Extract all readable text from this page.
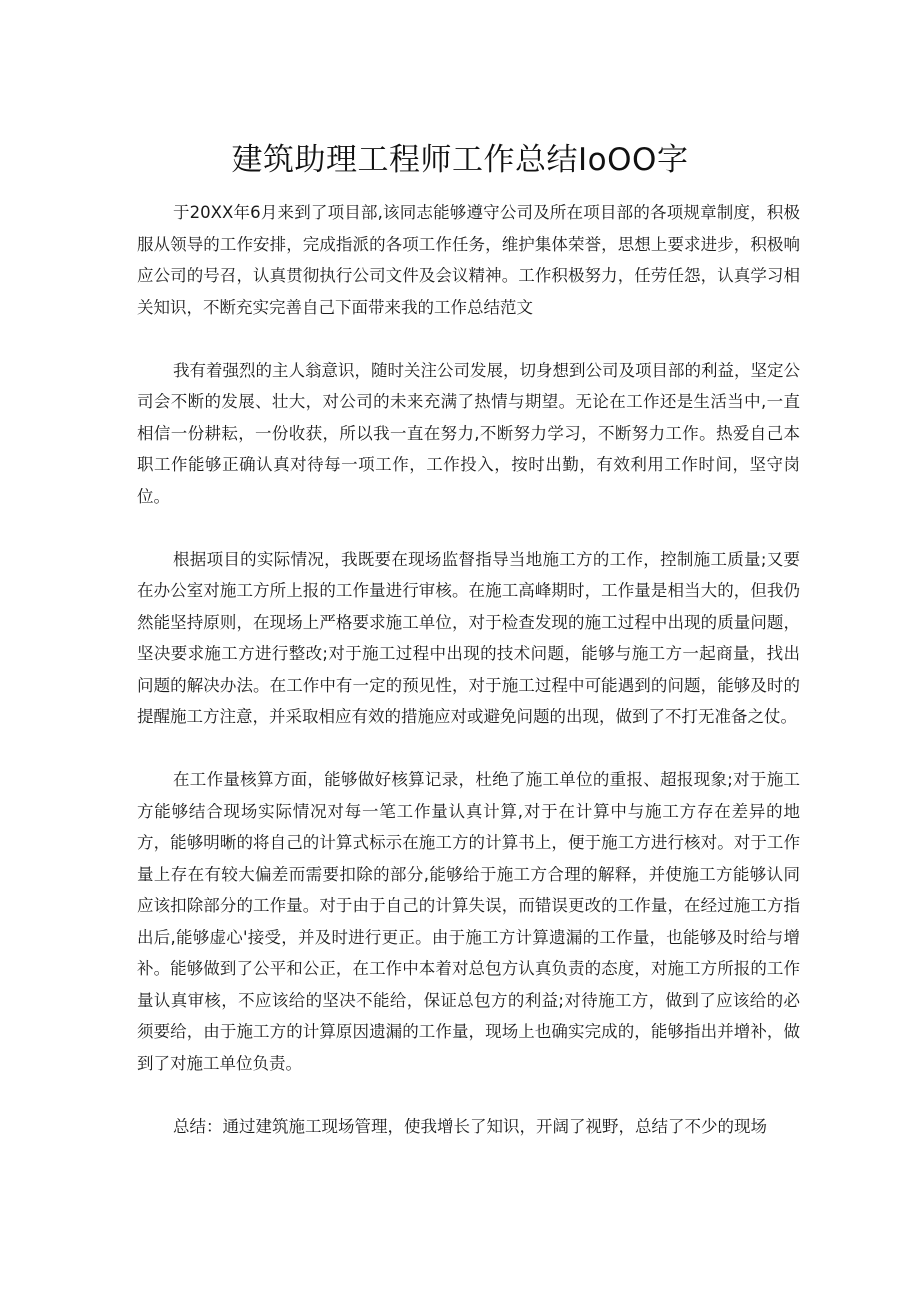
建筑助理工程师工作总结IoOO字

于20XX年6月来到了项目部,该同志能够遵守公司及所在项目部的各项规章制度，积极服从领导的工作安排，完成指派的各项工作任务，维护集体荣誉，思想上要求进步，积极响应公司的号召，认真贯彻执行公司文件及会议精神。工作积极努力，任劳任怨，认真学习相关知识，不断充实完善自己下面带来我的工作总结范文

我有着强烈的主人翁意识，随时关注公司发展，切身想到公司及项目部的利益，坚定公司会不断的发展、壮大，对公司的未来充满了热情与期望。无论在工作还是生活当中,一直相信一份耕耘，一份收获，所以我一直在努力,不断努力学习，不断努力工作。热爱自己本职工作能够正确认真对待每一项工作，工作投入，按时出勤，有效利用工作时间，坚守岗位。

根据项目的实际情况，我既要在现场监督指导当地施工方的工作，控制施工质量;又要在办公室对施工方所上报的工作量进行审核。在施工高峰期时，工作量是相当大的，但我仍然能坚持原则，在现场上严格要求施工单位，对于检查发现的施工过程中出现的质量问题，坚决要求施工方进行整改;对于施工过程中出现的技术问题，能够与施工方一起商量，找出问题的解决办法。在工作中有一定的预见性，对于施工过程中可能遇到的问题，能够及时的提醒施工方注意，并采取相应有效的措施应对或避免问题的出现，做到了不打无准备之仗。

在工作量核算方面，能够做好核算记录，杜绝了施工单位的重报、超报现象;对于施工方能够结合现场实际情况对每一笔工作量认真计算,对于在计算中与施工方存在差异的地方，能够明晰的将自己的计算式标示在施工方的计算书上，便于施工方进行核对。对于工作量上存在有较大偏差而需要扣除的部分,能够给于施工方合理的解释，并使施工方能够认同应该扣除部分的工作量。对于由于自己的计算失误，而错误更改的工作量，在经过施工方指出后,能够虚心'接受，并及时进行更正。由于施工方计算遗漏的工作量，也能够及时给与增补。能够做到了公平和公正，在工作中本着对总包方认真负责的态度，对施工方所报的工作量认真审核，不应该给的坚决不能给，保证总包方的利益;对待施工方，做到了应该给的必须要给，由于施工方的计算原因遗漏的工作量，现场上也确实完成的，能够指出并增补，做到了对施工单位负责。

总结：通过建筑施工现场管理，使我增长了知识，开阔了视野，总结了不少的现场
